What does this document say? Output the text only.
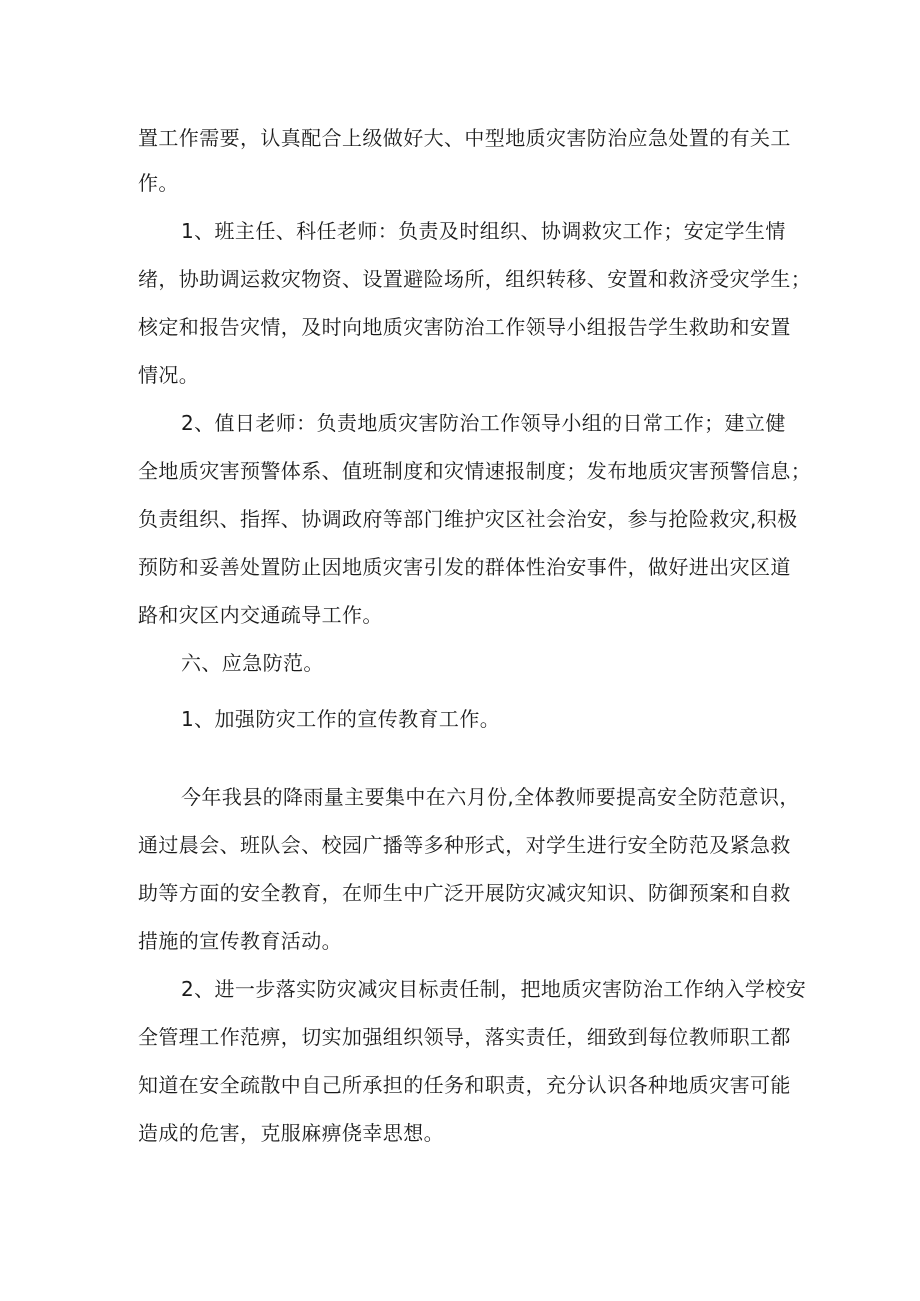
置工作需要，认真配合上级做好大、中型地质灾害防治应急处置的有关工
作。
1、班主任、科任老师：负责及时组织、协调救灾工作；安定学生情
绪，协助调运救灾物资、设置避险场所，组织转移、安置和救济受灾学生；
核定和报告灾情，及时向地质灾害防治工作领导小组报告学生救助和安置
情况。
2、值日老师：负责地质灾害防治工作领导小组的日常工作；建立健
全地质灾害预警体系、值班制度和灾情速报制度；发布地质灾害预警信息；
负责组织、指挥、协调政府等部门维护灾区社会治安，参与抢险救灾,积极
预防和妥善处置防止因地质灾害引发的群体性治安事件，做好进出灾区道
路和灾区内交通疏导工作。
六、应急防范。
1、加强防灾工作的宣传教育工作。
今年我县的降雨量主要集中在六月份,全体教师要提高安全防范意识，
通过晨会、班队会、校园广播等多种形式，对学生进行安全防范及紧急救
助等方面的安全教育，在师生中广泛开展防灾减灾知识、防御预案和自救
措施的宣传教育活动。
2、进一步落实防灾减灾目标责任制，把地质灾害防治工作纳入学校安
全管理工作范痹，切实加强组织领导，落实责任，细致到每位教师职工都
知道在安全疏散中自己所承担的任务和职责，充分认识各种地质灾害可能
造成的危害，克服麻痹侥幸思想。
